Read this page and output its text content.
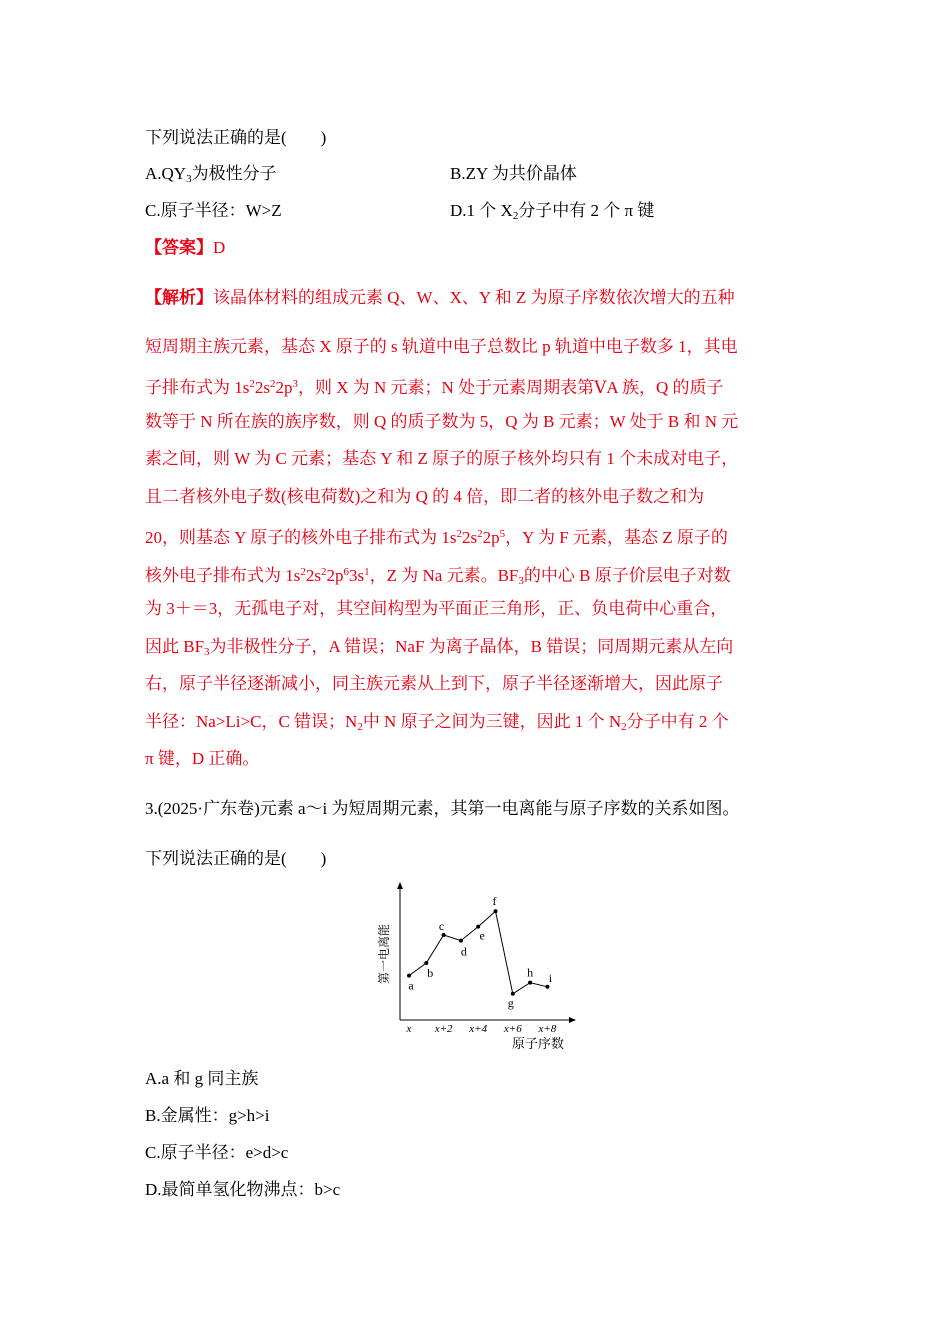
下列说法正确的是(　　)
$A.QY_3$为极性分子	B.ZY 为共价晶体
C.原子半径：W>Z	D.1 个 $X_2$分子中有 2 个 π 键
【答案】D
【解析】该晶体材料的组成元素 Q、W、X、Y 和 Z 为原子序数依次增大的五种
短周期主族元素，基态 X 原子的 s 轨道中电子总数比 p 轨道中电子数多 1，其电
子排布式为 $1s^22s^22p^3$，则 X 为 N 元素；N 处于元素周期表第ⅤA 族，Q 的质子
数等于 N 所在族的族序数，则 Q 的质子数为 5，Q 为 B 元素；W 处于 B 和 N 元
素之间，则 W 为 C 元素；基态 Y 和 Z 原子的原子核外均只有 1 个未成对电子，
且二者核外电子数(核电荷数)之和为 Q 的 4 倍，即二者的核外电子数之和为
20，则基态 Y 原子的核外电子排布式为 $1s^22s^22p^5$，Y 为 F 元素，基态 Z 原子的
核外电子排布式为 $1s^22s^22p^63s^1$，Z 为 Na 元素。$BF_3$的中心 B 原子价层电子对数
为 3＋＝3，无孤电子对，其空间构型为平面正三角形，正、负电荷中心重合，
因此 $BF_3$为非极性分子，A 错误；NaF 为离子晶体，B 错误；同周期元素从左向
右，原子半径逐渐减小，同主族元素从上到下，原子半径逐渐增大，因此原子
半径：Na>Li>C，C 错误；$N_2$中 N 原子之间为三键，因此 1 个 $N_2$分子中有 2 个
π 键，D 正确。
3.(2025·广东卷)元素 a～i 为短周期元素，其第一电离能与原子序数的关系如图。
下列说法正确的是(　　)
第一电离能
原子序数
x x+2 x+4 x+6 x+8
a
b
c
d
e
f
g
h i
A.a 和 g 同主族
B.金属性：g>h>i
C.原子半径：e>d>c
D.最简单氢化物沸点：b>c
